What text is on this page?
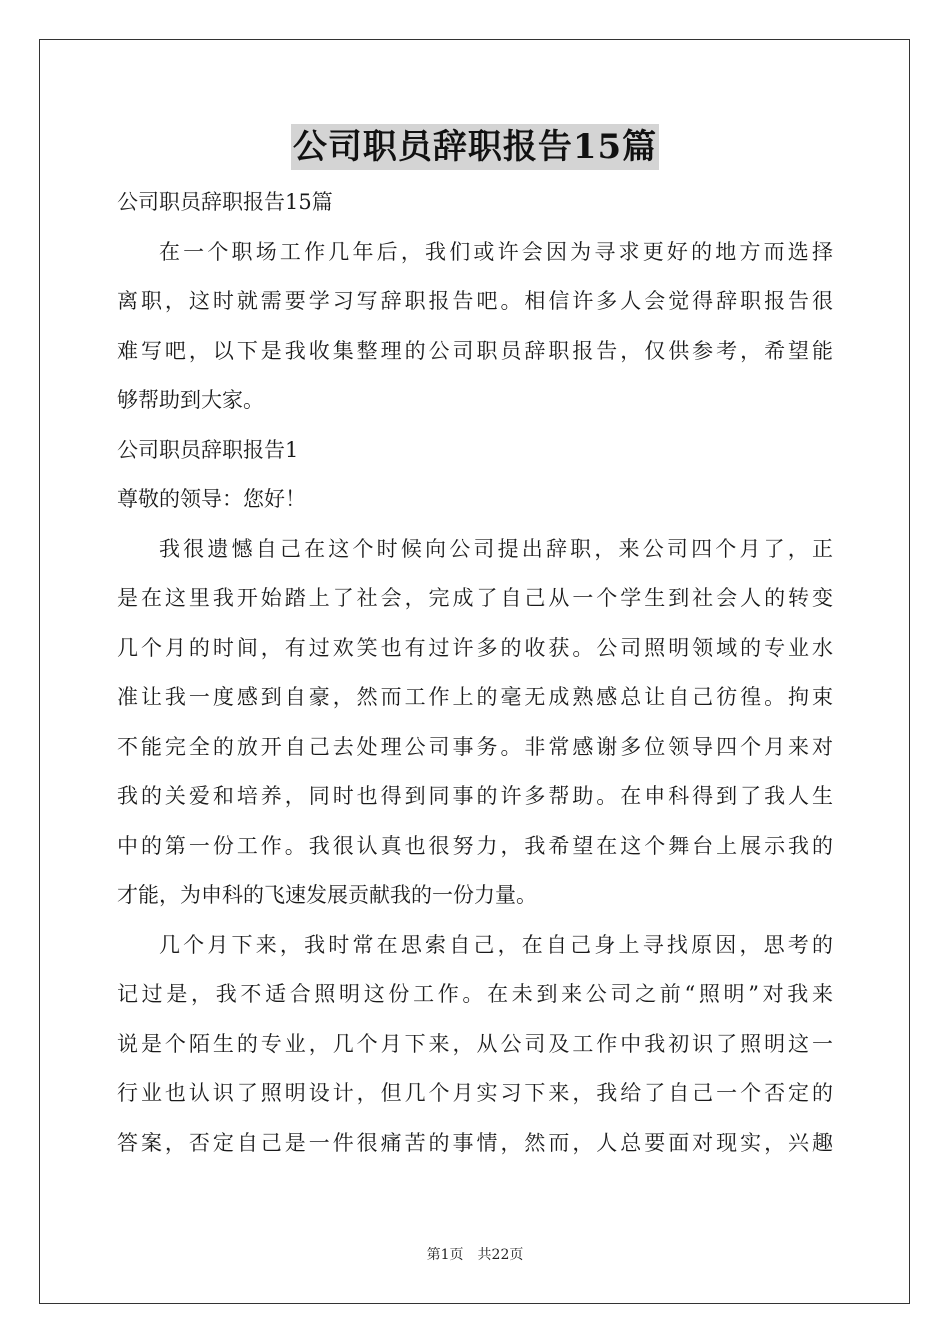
公司职员辞职报告15篇

公司职员辞职报告15篇

在一个职场工作几年后，我们或许会因为寻求更好的地方而选择
离职，这时就需要学习写辞职报告吧。相信许多人会觉得辞职报告很
难写吧，以下是我收集整理的公司职员辞职报告，仅供参考，希望能
够帮助到大家。

公司职员辞职报告1

尊敬的领导：您好！

我很遗憾自己在这个时候向公司提出辞职，来公司四个月了，正
是在这里我开始踏上了社会，完成了自己从一个学生到社会人的转变
几个月的时间，有过欢笑也有过许多的收获。公司照明领域的专业水
准让我一度感到自豪，然而工作上的毫无成熟感总让自己彷徨。拘束
不能完全的放开自己去处理公司事务。非常感谢多位领导四个月来对
我的关爱和培养，同时也得到同事的许多帮助。在申科得到了我人生
中的第一份工作。我很认真也很努力，我希望在这个舞台上展示我的
才能，为申科的飞速发展贡献我的一份力量。
几个月下来，我时常在思索自己，在自己身上寻找原因，思考的
记过是，我不适合照明这份工作。在未到来公司之前“照明”对我来
说是个陌生的专业，几个月下来，从公司及工作中我初识了照明这一
行业也认识了照明设计，但几个月实习下来，我给了自己一个否定的
答案，否定自己是一件很痛苦的事情，然而，人总要面对现实，兴趣
第1页　共22页
